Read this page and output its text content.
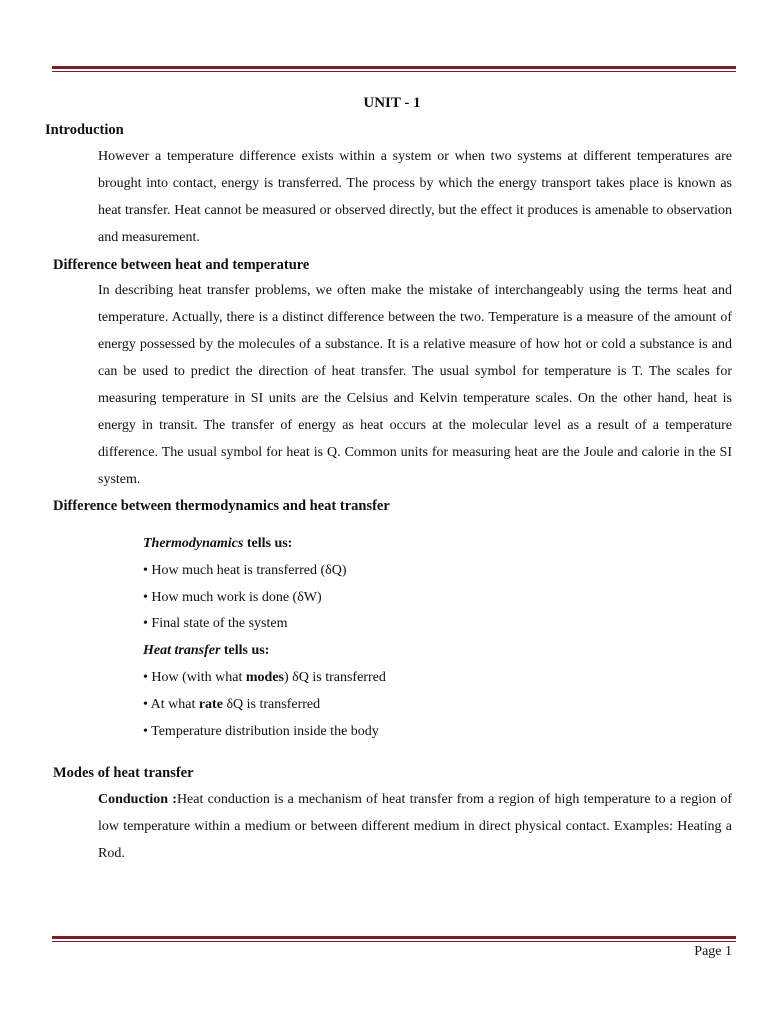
UNIT - 1
Introduction

However a temperature difference exists within a system or when two systems at different temperatures are brought into contact, energy is transferred. The process by which the energy transport takes place is known as heat transfer. Heat cannot be measured or observed directly, but the effect it produces is amenable to observation and measurement.

Difference between heat and temperature

In describing heat transfer problems, we often make the mistake of interchangeably using the terms heat and temperature. Actually, there is a distinct difference between the two. Temperature is a measure of the amount of energy possessed by the molecules of a substance. It is a relative measure of how hot or cold a substance is and can be used to predict the direction of heat transfer. The usual symbol for temperature is T. The scales for measuring temperature in SI units are the Celsius and Kelvin temperature scales. On the other hand, heat is energy in transit. The transfer of energy as heat occurs at the molecular level as a result of a temperature difference. The usual symbol for heat is Q. Common units for measuring heat are the Joule and calorie in the SI system.

Difference between thermodynamics and heat transfer
Thermodynamics tells us:
• How much heat is transferred (δQ)
• How much work is done (δW)
• Final state of the system
Heat transfer tells us:
• How (with what modes) δQ is transferred
• At what rate δQ is transferred
• Temperature distribution inside the body
Modes of heat transfer

Conduction :Heat conduction is a mechanism of heat transfer from a region of high temperature to a region of low temperature within a medium or between different medium in direct physical contact. Examples: Heating a Rod.

Page 1
